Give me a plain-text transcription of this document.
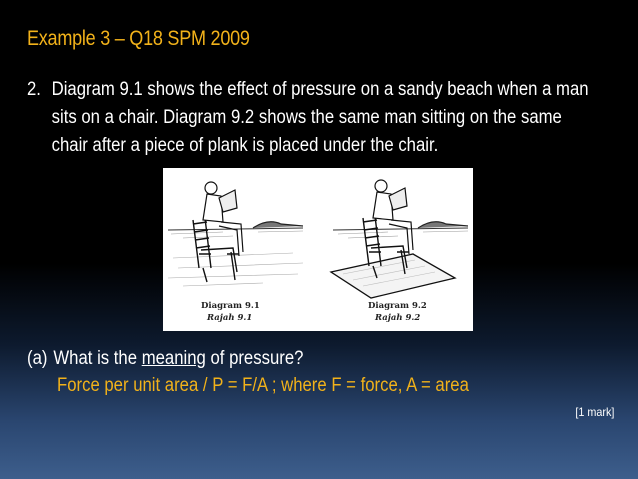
Example 3 – Q18 SPM 2009
2. Diagram 9.1 shows the effect of pressure on a sandy beach when a man sits on a chair. Diagram 9.2 shows the same man sitting on the same chair after a piece of plank is placed under the chair.
Diagram 9.1
Rajah 9.1
Diagram 9.2
Rajah 9.2
(a) What is the meaning of pressure?
Force per unit area / P = F/A ; where F = force, A = area
[1 mark]
